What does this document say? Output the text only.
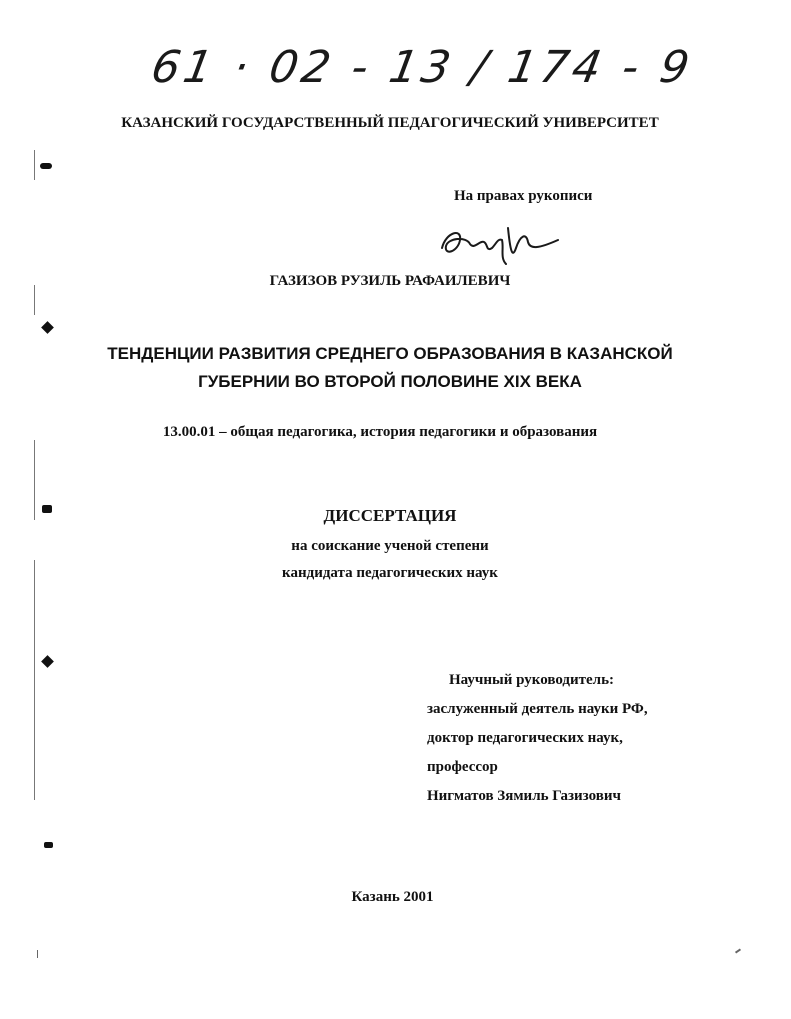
61 · 02 - 13 / 174 - 9
КАЗАНСКИЙ ГОСУДАРСТВЕННЫЙ ПЕДАГОГИЧЕСКИЙ УНИВЕРСИТЕТ
На правах рукописи
ГАЗИЗОВ РУЗИЛЬ РАФАИЛЕВИЧ
ТЕНДЕНЦИИ РАЗВИТИЯ СРЕДНЕГО ОБРАЗОВАНИЯ В КАЗАНСКОЙ
ГУБЕРНИИ ВО ВТОРОЙ ПОЛОВИНЕ XIX ВЕКА
13.00.01 – общая педагогика, история педагогики и образования
ДИССЕРТАЦИЯ
на соискание ученой степени
кандидата педагогических наук
Научный руководитель:
заслуженный деятель науки РФ,
доктор педагогических наук,
профессор
Нигматов Зямиль Газизович
Казань 2001
